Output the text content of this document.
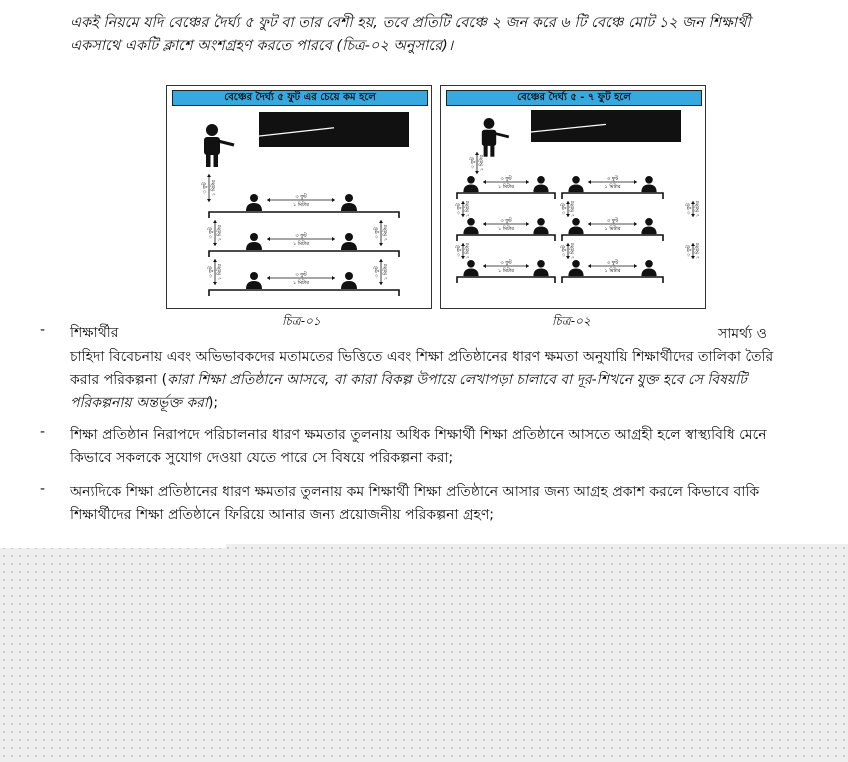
একই নিয়মে যদি বেঞ্চের দৈর্ঘ্য ৫ ফুট বা তার বেশী হয়, তবে প্রতিটি বেঞ্চে ২ জন করে ৬ টি বেঞ্চে মোট ১২ জন শিক্ষার্থী একসাথে একটি ক্লাশে অংশগ্রহণ করতে পারবে (চিত্র-০২ অনুসারে)।

বেঞ্চের দৈর্ঘ্য ৫ ফুট এর চেয়ে কম হলে
৩ ফুট ১ মিটার
৩ ফুট
১ মিটার
৩ ফুট ১ মিটার	৩ ফুট ১ মিটার
৩ ফুট
১ মিটার
৩ ফুট ১ মিটার	৩ ফুট ১ মিটার
৩ ফুট
১ মিটার
বেঞ্চের দৈর্ঘ্য ৫ - ৭ ফুট হলে
৩ ফুট
১ মিটার
৩ ফুট ১ মিটার
৩ ফুট
১ মিটার
৩ ফুট ১ মিটার	৩ ফুট ১ মিটার
৩ ফুট
১ মিটার
৩ ফুট ১ মিটার
৩ ফুট
১ মিটার
৩ ফুট ১ মিটার	৩ ফুট ১ মিটার
৩ ফুট
১ মিটার
৩ ফুট
১ মিটার
৩ ফুট ১ মিটার
চিত্র-০১	চিত্র-০২
- শিক্ষার্থীর	সামর্থ্য ও

চাহিদা বিবেচনায় এবং অভিভাবকদের মতামতের ভিত্তিতে এবং শিক্ষা প্রতিষ্ঠানের ধারণ ক্ষমতা অনুযায়ি শিক্ষার্থীদের তালিকা তৈরি করার পরিকল্পনা (কারা শিক্ষা প্রতিষ্ঠানে আসবে, বা কারা বিকল্প উপায়ে লেখাপড়া চালাবে বা দূর-শিখনে যুক্ত হবে সে বিষয়টি পরিকল্পনায় অন্তর্ভূক্ত করা);

- শিক্ষা প্রতিষ্ঠান নিরাপদে পরিচালনার ধারণ ক্ষমতার তুলনায় অধিক শিক্ষার্থী শিক্ষা প্রতিষ্ঠানে আসতে আগ্রহী হলে স্বাস্থ্যবিধি মেনে কিভাবে সকলকে সুযোগ দেওয়া যেতে পারে সে বিষয়ে পরিকল্পনা করা;

- অন্যদিকে শিক্ষা প্রতিষ্ঠানের ধারণ ক্ষমতার তুলনায় কম শিক্ষার্থী শিক্ষা প্রতিষ্ঠানে আসার জন্য আগ্রহ প্রকাশ করলে কিভাবে বাকি শিক্ষার্থীদের শিক্ষা প্রতিষ্ঠানে ফিরিয়ে আনার জন্য প্রয়োজনীয় পরিকল্পনা গ্রহণ;
